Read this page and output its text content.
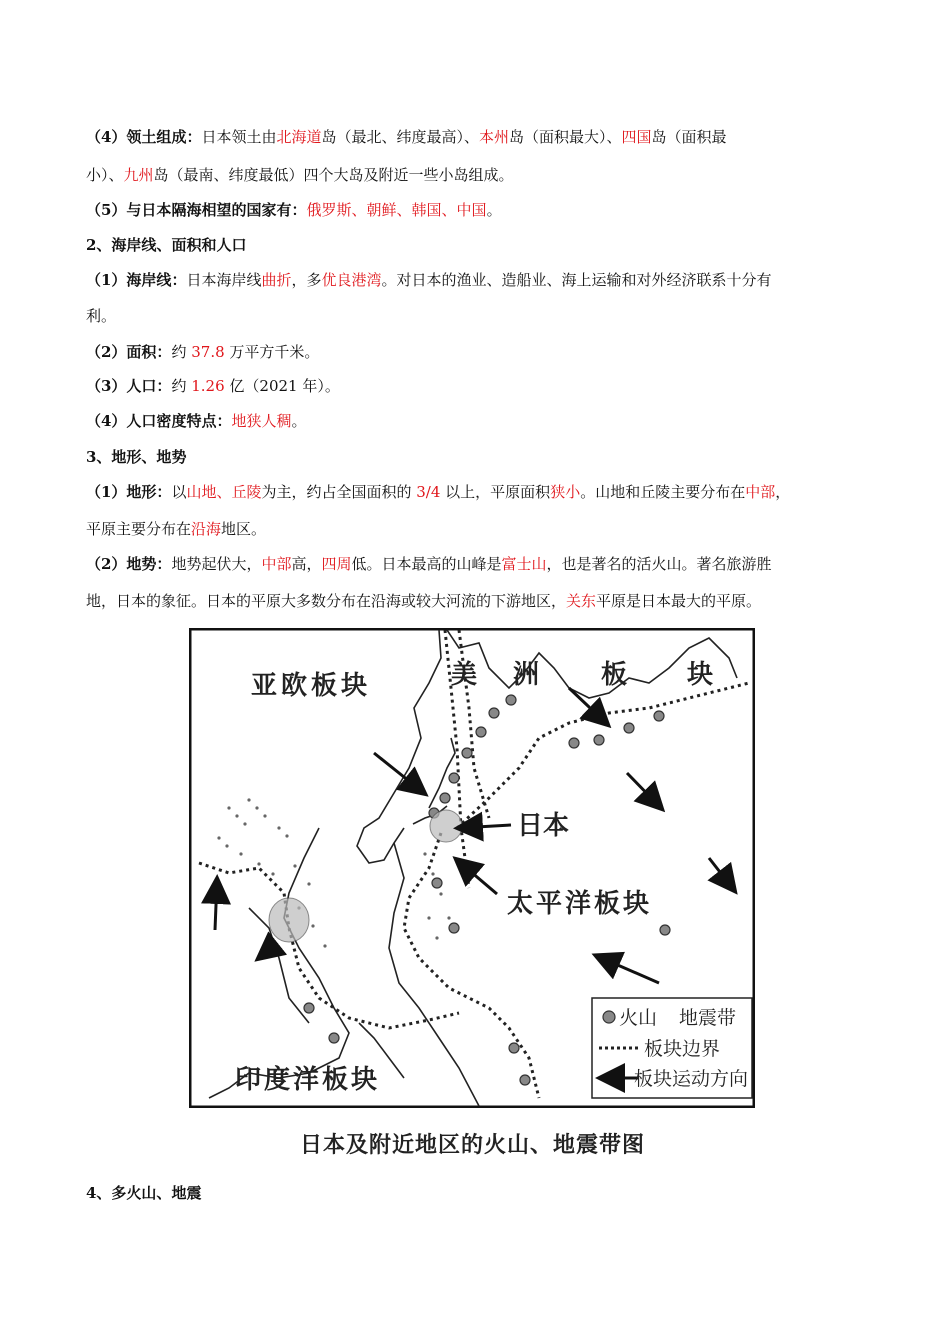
（4）领土组成：日本领土由北海道岛（最北、纬度最高）、本州岛（面积最大）、四国岛（面积最
小）、九州岛（最南、纬度最低）四个大岛及附近一些小岛组成。
（5）与日本隔海相望的国家有：俄罗斯、朝鲜、韩国、中国。
2、海岸线、面积和人口
（1）海岸线：日本海岸线曲折，多优良港湾。对日本的渔业、造船业、海上运输和对外经济联系十分有
利。
（2）面积：约 37.8 万平方千米。
（3）人口：约 1.26 亿（2021 年）。
（4）人口密度特点：地狭人稠。
3、地形、地势
（1）地形：以山地、丘陵为主，约占全国面积的 3/4 以上，平原面积狭小。山地和丘陵主要分布在中部，
平原主要分布在沿海地区。
（2）地势：地势起伏大，中部高，四周低。日本最高的山峰是富士山，也是著名的活火山。著名旅游胜
地，日本的象征。日本的平原大多数分布在沿海或较大河流的下游地区，关东平原是日本最大的平原。
亚欧板块	美 洲 板 块
日本
太平洋板块
印度洋板块
火山 地震带
板块边界
板块运动方向
日本及附近地区的火山、地震带图
4、多火山、地震
